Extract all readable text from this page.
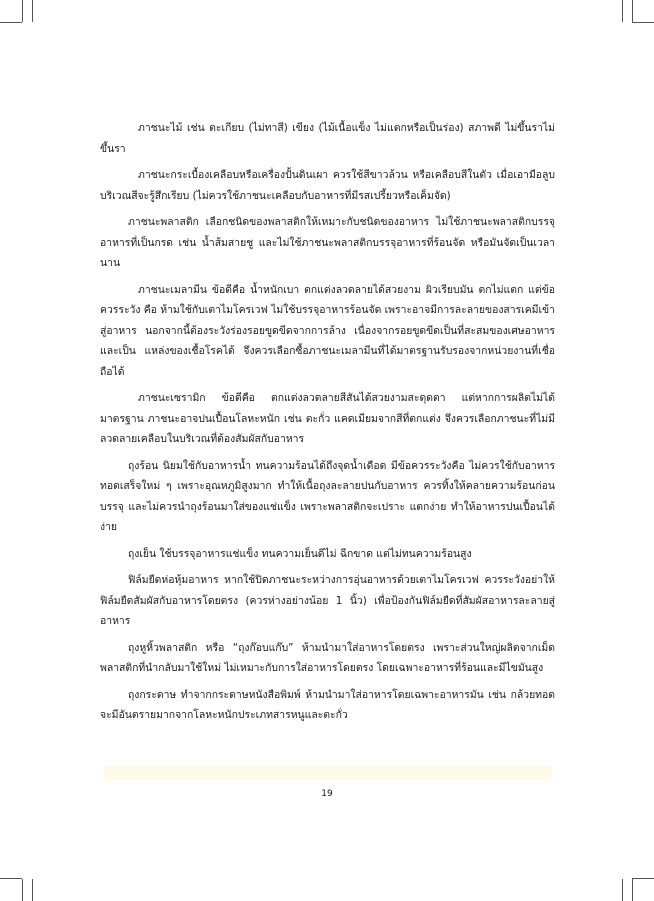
ภาชนะไม้ เช่น ตะเกียบ (ไม่ทาสี) เขียง (ไม้เนื้อแข็ง ไม่แตกหรือเป็นร่อง) สภาพดี ไม่ขึ้นราไม่ขึ้นรา

ภาชนะกระเบื้องเคลือบหรือเครื่องปั้นดินเผา ควรใช้สีขาวล้วน หรือเคลือบสีในตัว เมื่อเอามือลูบบริเวณสีจะรู้สึกเรียบ (ไม่ควรใช้ภาชนะเคลือบกับอาหารที่มีรสเปรี้ยวหรือเค็มจัด)

ภาชนะพลาสติก เลือกชนิดของพลาสติกให้เหมาะกับชนิดของอาหาร ไม่ใช้ภาชนะพลาสติกบรรจุอาหารที่เป็นกรด เช่น น้ำส้มสายชู และไม่ใช้ภาชนะพลาสติกบรรจุอาหารที่ร้อนจัด หรือมันจัดเป็นเวลานาน

ภาชนะเมลามีน ข้อดีคือ น้ำหนักเบา ตกแต่งลวดลายได้สวยงาม ผิวเรียบมัน ตกไม่แตก แต่ข้อควรระวัง คือ ห้ามใช้กับเตาไมโครเวฟ ไม่ใช้บรรจุอาหารร้อนจัด เพราะอาจมีการละลายของสารเคมีเข้าสู่อาหาร นอกจากนี้ต้องระวังร่องรอยขูดขีดจากการล้าง เนื่องจากรอยขูดขีดเป็นที่สะสมของเศษอาหารและเป็น แหล่งของเชื้อโรคได้ จึงควรเลือกซื้อภาชนะเมลามีนที่ได้มาตรฐานรับรองจากหน่วยงานที่เชื่อถือได้

ภาชนะเซรามิก ข้อดีคือ ตกแต่งลวดลายสีสันได้สวยงามสะดุดตา แต่หากการผลิตไม่ได้มาตรฐาน ภาชนะอาจปนเปื้อนโลหะหนัก เช่น ตะกั่ว แคดเมียมจากสีที่ตกแต่ง จึงควรเลือกภาชนะที่ไม่มีลวดลายเคลือบในบริเวณที่ต้องสัมผัสกับอาหาร

ถุงร้อน นิยมใช้กับอาหารน้ำ ทนความร้อนได้ถึงจุดน้ำเดือด มีข้อควรระวังคือ ไม่ควรใช้กับอาหารทอดเสร็จใหม่ ๆ เพราะอุณหภูมิสูงมาก ทำให้เนื้อถุงละลายปนกับอาหาร ควรทิ้งให้คลายความร้อนก่อนบรรจุ และไม่ควรนำถุงร้อนมาใส่ของแช่แข็ง เพราะพลาสติกจะเปราะ แตกง่าย ทำให้อาหารปนเปื้อนได้ง่าย

ถุงเย็น ใช้บรรจุอาหารแช่แข็ง ทนความเย็นดีไม่ ฉีกขาด แต่ไม่ทนความร้อนสูง

ฟิล์มยืดห่อหุ้มอาหาร หากใช้ปิดภาชนะระหว่างการอุ่นอาหารด้วยเตาไมโครเวฟ ควรระวังอย่าให้ฟิล์มยืดสัมผัสกับอาหารโดยตรง (ควรห่างอย่างน้อย 1 นิ้ว) เพื่อป้องกันฟิล์มยืดที่สัมผัสอาหารละลายสู่อาหาร

ถุงหูหิ้วพลาสติก หรือ “ถุงก๊อบแก๊บ” ห้ามนำมาใส่อาหารโดยตรง เพราะส่วนใหญ่ผลิตจากเม็ดพลาสติกที่นำกลับมาใช้ใหม่ ไม่เหมาะกับการใส่อาหารโดยตรง โดยเฉพาะอาหารที่ร้อนและมีไขมันสูง

ถุงกระดาษ ทำจากกระดาษหนังสือพิมพ์ ห้ามนำมาใส่อาหารโดยเฉพาะอาหารมัน เช่น กล้วยทอด จะมีอันตรายมากจากโลหะหนักประเภทสารหนูและตะกั่ว

19
